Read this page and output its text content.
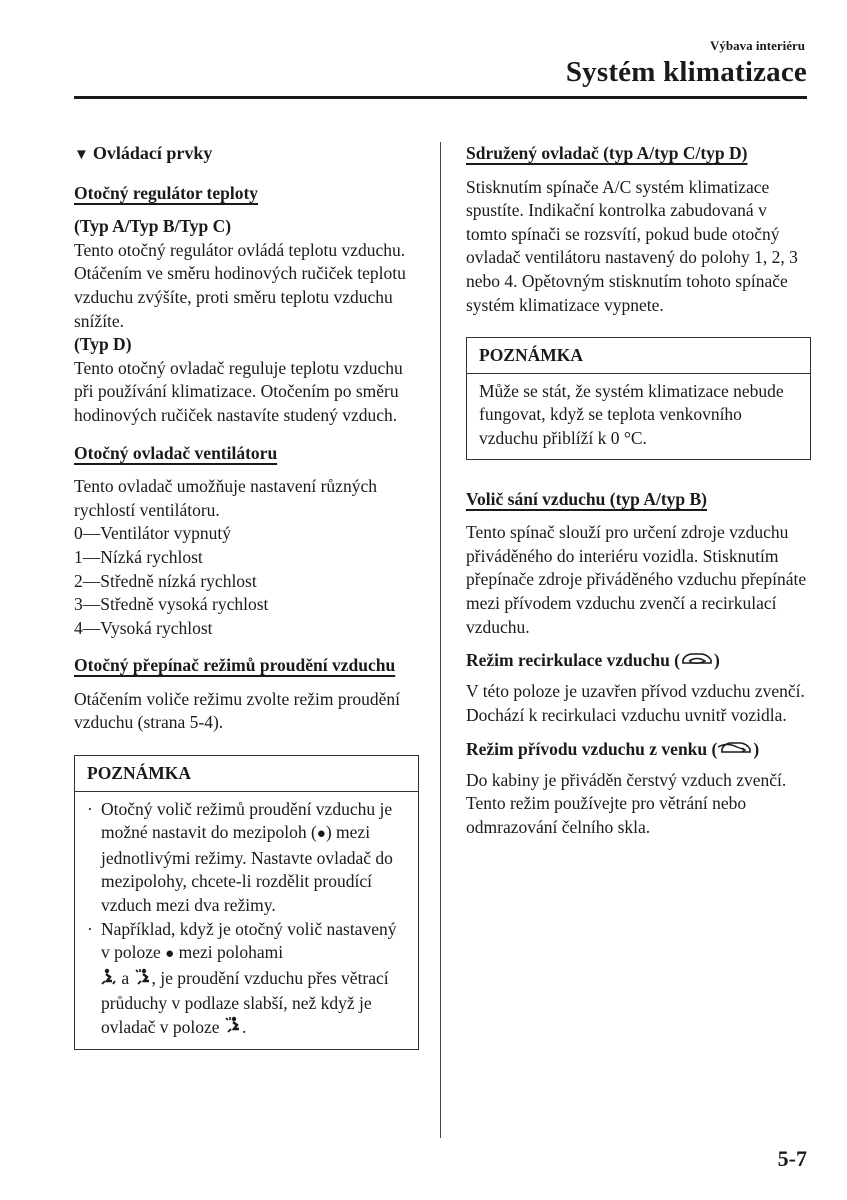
Výbava interiéru
Systém klimatizace

▼ Ovládací prvky

Otočný regulátor teploty

(Typ A/Typ B/Typ C)

Tento otočný regulátor ovládá teplotu vzduchu. Otáčením ve směru hodinových ručiček teplotu vzduchu zvýšíte, proti směru teplotu vzduchu snížíte.

(Typ D)

Tento otočný ovladač reguluje teplotu vzduchu při používání klimatizace. Otočením po směru hodinových ručiček nastavíte studený vzduch.

Otočný ovladač ventilátoru

Tento ovladač umožňuje nastavení různých rychlostí ventilátoru.

0—Ventilátor vypnutý

1—Nízká rychlost

2—Středně nízká rychlost

3—Středně vysoká rychlost

4—Vysoká rychlost

Otočný přepínač režimů proudění vzduchu

Otáčením voliče režimu zvolte režim proudění vzduchu (strana 5-4).

POZNÁMKA
· Otočný volič režimů proudění vzduchu je možné nastavit do mezipoloh (●) mezi jednotlivými režimy. Nastavte ovladač do mezipolohy, chcete-li rozdělit proudící vzduch mezi dva režimy.
· Například, když je otočný volič nastavený v poloze ● mezi polohami
a , je proudění vzduchu přes větrací průduchy v podlaze slabší, než když je ovladač v poloze .

Sdružený ovladač (typ A/typ C/typ D)

Stisknutím spínače A/C systém klimatizace spustíte. Indikační kontrolka zabudovaná v tomto spínači se rozsvítí, pokud bude otočný ovladač ventilátoru nastavený do polohy 1, 2, 3 nebo 4. Opětovným stisknutím tohoto spínače systém klimatizace vypnete.

POZNÁMKA
Může se stát, že systém klimatizace nebude fungovat, když se teplota venkovního vzduchu přiblíží k 0 °C.

Volič sání vzduchu (typ A/typ B)

Tento spínač slouží pro určení zdroje vzduchu přiváděného do interiéru vozidla. Stisknutím přepínače zdroje přiváděného vzduchu přepínáte mezi přívodem vzduchu zvenčí a recirkulací vzduchu.

Režim recirkulace vzduchu ( )

V této poloze je uzavřen přívod vzduchu zvenčí. Dochází k recirkulaci vzduchu uvnitř vozidla.

Režim přívodu vzduchu z venku ( )

Do kabiny je přiváděn čerstvý vzduch zvenčí. Tento režim používejte pro větrání nebo odmrazování čelního skla.

5-7
